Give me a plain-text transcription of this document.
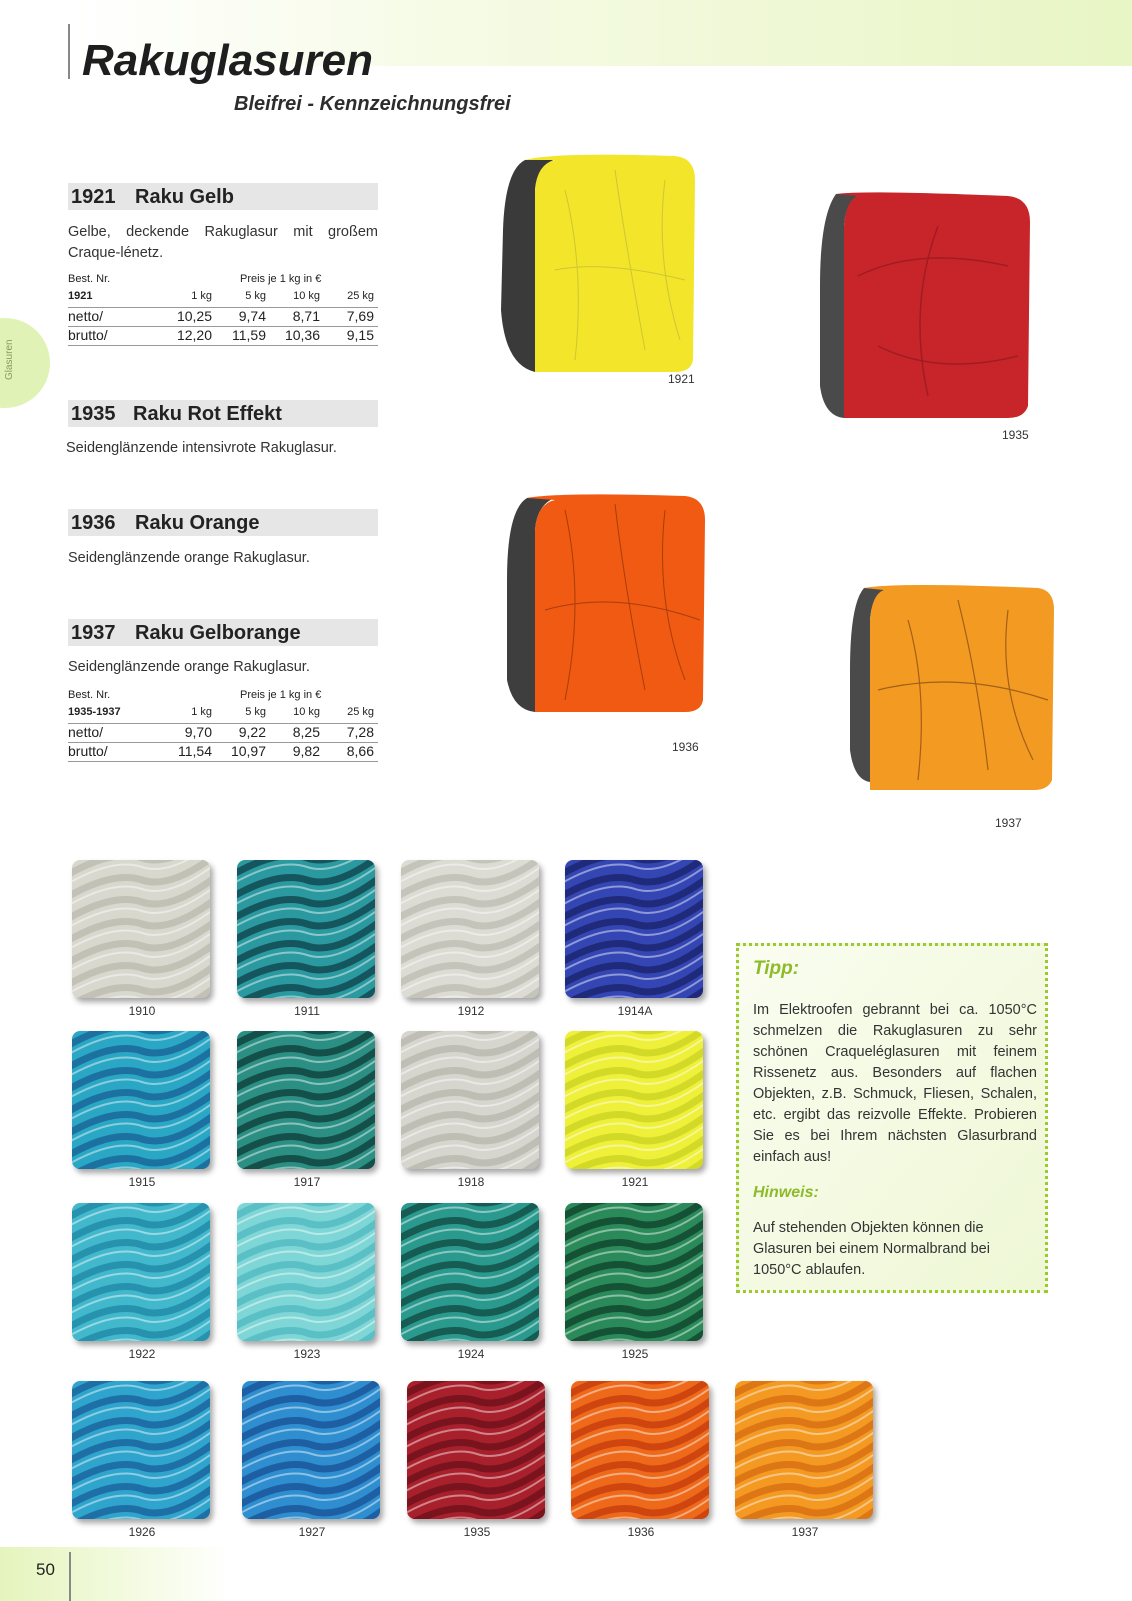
Rakuglasuren
Bleifrei - Kennzeichnungsfrei
Glasuren
1921 Raku Gelb
Gelbe, deckende Rakuglasur mit großem Craque-lénetz.
Best. Nr.	Preis je 1 kg in €
1921	1 kg	5 kg	10 kg	25 kg
netto/	10,25	9,74	8,71	7,69
brutto/	12,20	11,59	10,36	9,15
1935 Raku Rot Effekt
Seidenglänzende intensivrote Rakuglasur.
1936 Raku Orange
Seidenglänzende orange Rakuglasur.
1937 Raku Gelborange
Seidenglänzende orange Rakuglasur.
Best. Nr.	Preis je 1 kg in €
1935-1937	1 kg	5 kg	10 kg	25 kg
netto/	9,70	9,22	8,25	7,28
brutto/	11,54	10,97	9,82	8,66
1921
1935
1936
1937
1910	1911	1912	1914A
1915	1917	1918	1921
1922	1923	1924	1925
1926	1927	1935	1936	1937
Tipp:
Im Elektroofen gebrannt bei ca. 1050°C schmelzen die Rakuglasuren zu sehr schönen Craqueléglasuren mit feinem Rissenetz aus. Besonders auf flachen Objekten, z.B. Schmuck, Fliesen, Schalen, etc. ergibt das reizvolle Effekte. Probieren Sie es bei Ihrem nächsten Glasurbrand einfach aus!
Hinweis:
Auf stehenden Objekten können die Glasuren bei einem Normalbrand bei 1050°C ablaufen.
50
